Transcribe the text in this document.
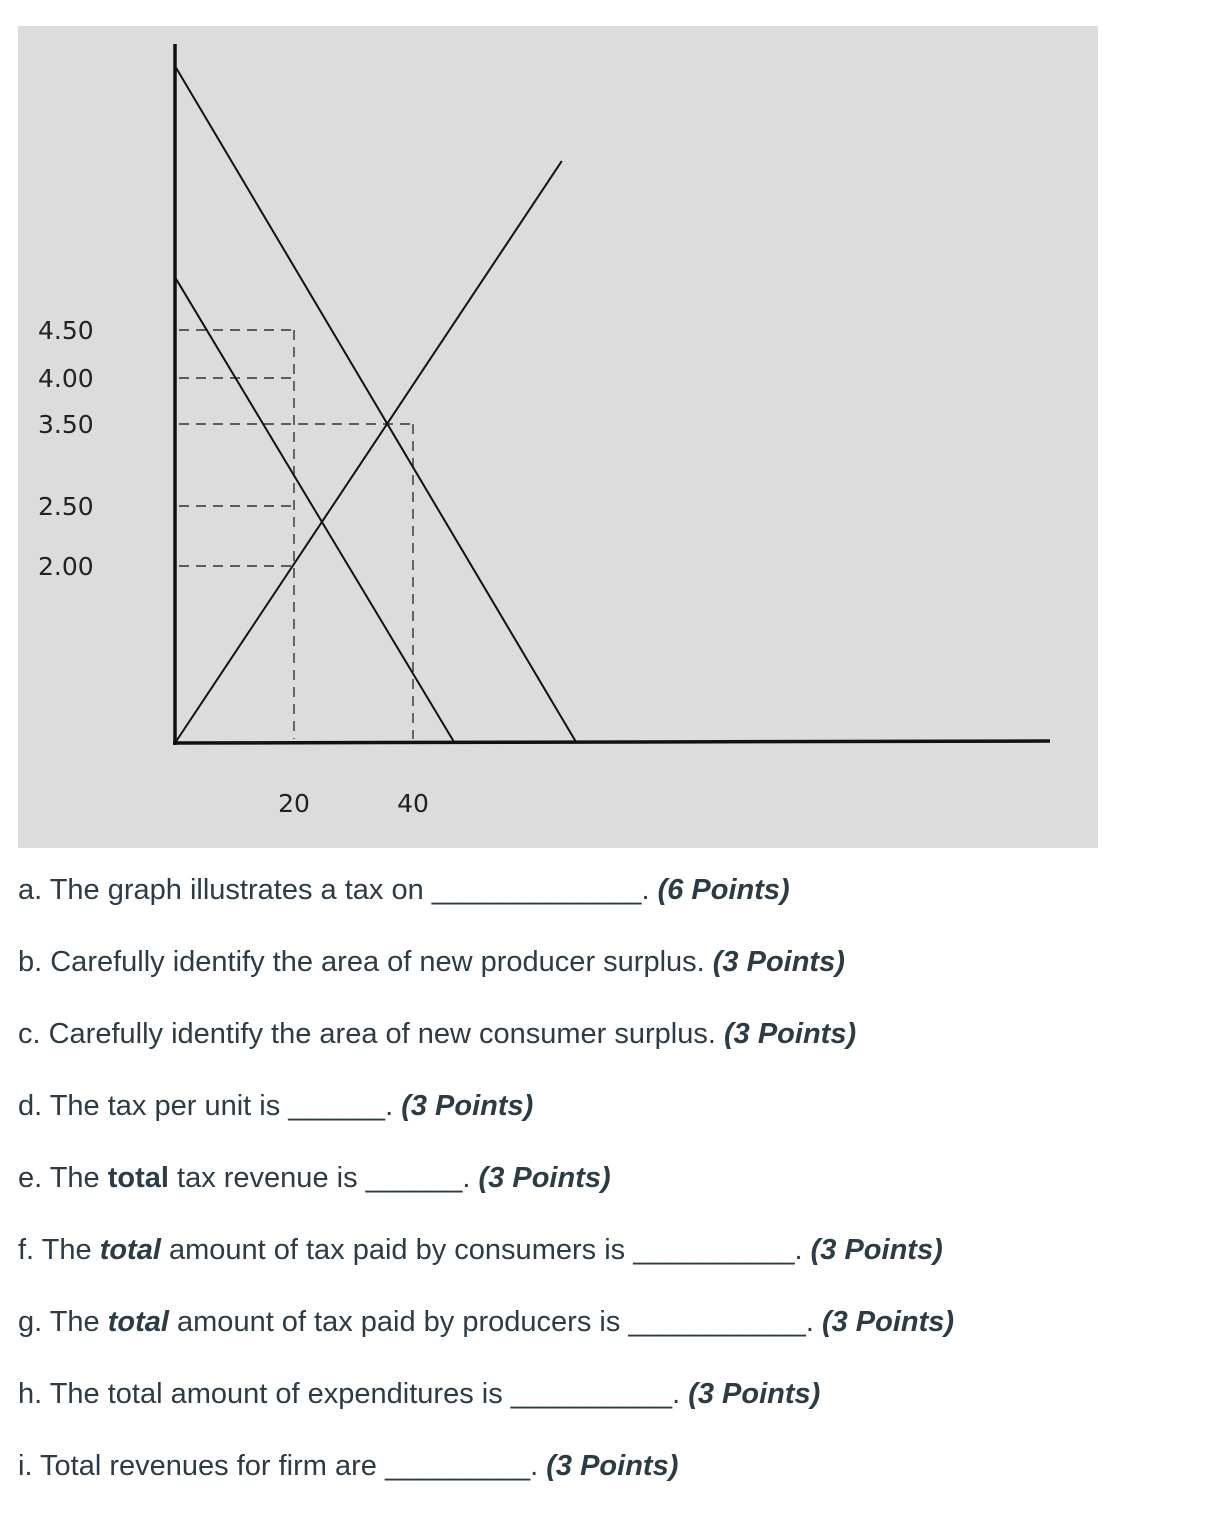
4.50
4.00
3.50
2.50
2.00
20	40
a. The graph illustrates a tax on _____________. (6 Points)
b. Carefully identify the area of new producer surplus. (3 Points)
c. Carefully identify the area of new consumer surplus. (3 Points)
d. The tax per unit is ______. (3 Points)
e. The total tax revenue is ______. (3 Points)
f. The total amount of tax paid by consumers is __________. (3 Points)
g. The total amount of tax paid by producers is ___________. (3 Points)
h. The total amount of expenditures is __________. (3 Points)
i. Total revenues for firm are _________. (3 Points)
